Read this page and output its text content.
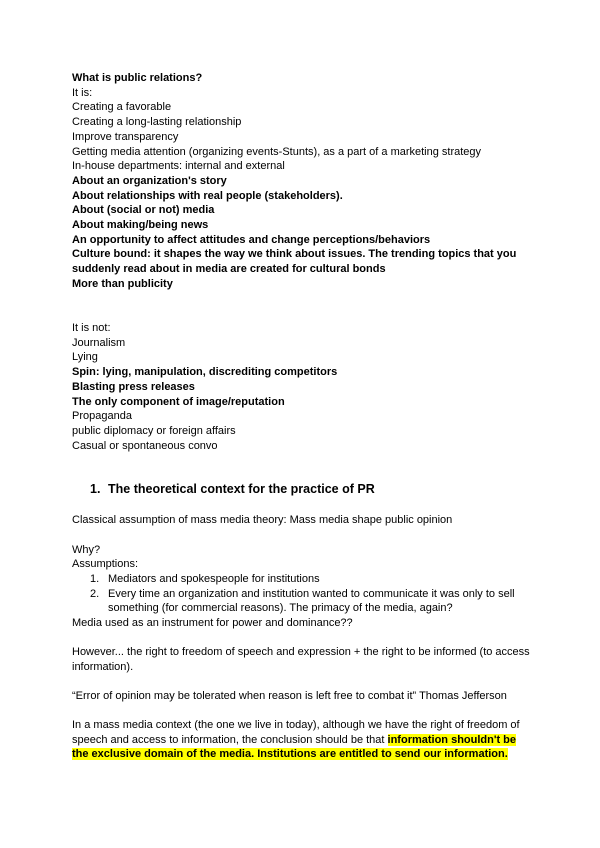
What is public relations?
It is:
Creating a favorable
Creating a long-lasting relationship
Improve transparency
Getting media attention (organizing events-Stunts), as a part of a marketing strategy
In-house departments: internal and external
About an organization's story
About relationships with real people (stakeholders).
About (social or not) media
About making/being news
An opportunity to affect attitudes and change perceptions/behaviors
Culture bound: it shapes the way we think about issues. The trending topics that you suddenly read about in media are created for cultural bonds
More than publicity
It is not:
Journalism
Lying
Spin: lying, manipulation, discrediting competitors
Blasting press releases
The only component of image/reputation
Propaganda
public diplomacy or foreign affairs
Casual or spontaneous convo
1. The theoretical context for the practice of PR
Classical assumption of mass media theory: Mass media shape public opinion
Why?
Assumptions:
1. Mediators and spokespeople for institutions
2. Every time an organization and institution wanted to communicate it was only to sell something (for commercial reasons). The primacy of the media, again?
Media used as an instrument for power and dominance??
However... the right to freedom of speech and expression + the right to be informed (to access information).
“Error of opinion may be tolerated when reason is left free to combat it” Thomas Jefferson
In a mass media context (the one we live in today), although we have the right of freedom of speech and access to information, the conclusion should be that information shouldn't be the exclusive domain of the media. Institutions are entitled to send our information.
